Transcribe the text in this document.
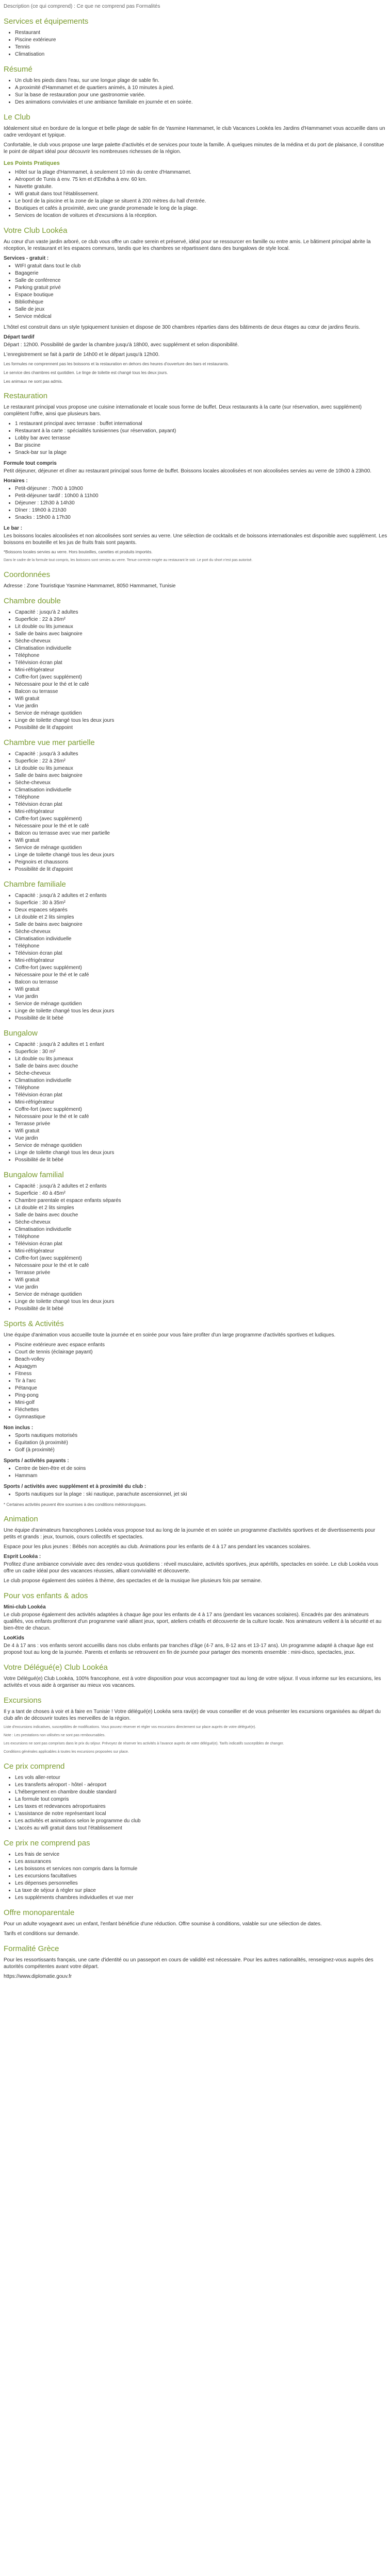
Description (ce qui comprend) : Ce que ne comprend pas Formalités
Services et équipements
• Restaurant
• Piscine extérieure
• Tennis
• Climatisation
Résumé
• Un club les pieds dans l'eau, sur une longue plage de sable fin.
• A proximité d'Hammamet et de quartiers animés, à 10 minutes à pied.
• Sur la base de restauration pour une gastronomie variée.
• Des animations conviviales et une ambiance familiale en journée et en soirée.
Le Club

Idéalement situé en bordure de la longue et belle plage de sable fin de Yasmine Hammamet, le club Vacances Lookéa les Jardins d'Hammamet vous accueille dans un cadre verdoyant et typique.

Confortable, le club vous propose une large palette d'activités et de services pour toute la famille. À quelques minutes de la médina et du port de plaisance, il constitue le point de départ idéal pour découvrir les nombreuses richesses de la région.

Les Points Pratiques
• Hôtel sur la plage d'Hammamet, à seulement 10 min du centre d'Hammamet.
• Aéroport de Tunis à env. 75 km et d'Enfidha à env. 60 km.
• Navette gratuite.
• Wifi gratuit dans tout l'établissement.
• Le bord de la piscine et la zone de la plage se situent à 200 mètres du hall d'entrée.
• Boutiques et cafés à proximité, avec une grande promenade le long de la plage.
• Services de location de voitures et d'excursions à la réception.
Votre Club Lookéa

Au cœur d'un vaste jardin arboré, ce club vous offre un cadre serein et préservé, idéal pour se ressourcer en famille ou entre amis. Le bâtiment principal abrite la réception, le restaurant et les espaces communs, tandis que les chambres se répartissent dans des bungalows de style local.

Services - gratuit :
• WIFI gratuit dans tout le club
• Bagagerie
• Salle de conférence
• Parking gratuit privé
• Espace boutique
• Bibliothèque
• Salle de jeux
• Service médical

L'hôtel est construit dans un style typiquement tunisien et dispose de 300 chambres réparties dans des bâtiments de deux étages au cœur de jardins fleuris.

Départ tardif

Départ : 12h00. Possibilité de garder la chambre jusqu'à 18h00, avec supplément et selon disponibilité.

L'enregistrement se fait à partir de 14h00 et le départ jusqu'à 12h00.

Les formules ne comprennent pas les boissons et la restauration en dehors des heures d'ouverture des bars et restaurants.

Le service des chambres est quotidien. Le linge de toilette est changé tous les deux jours.

Les animaux ne sont pas admis.

Restauration

Le restaurant principal vous propose une cuisine internationale et locale sous forme de buffet. Deux restaurants à la carte (sur réservation, avec supplément) complètent l'offre, ainsi que plusieurs bars.

• 1 restaurant principal avec terrasse : buffet international
• Restaurant à la carte : spécialités tunisiennes (sur réservation, payant)
• Lobby bar avec terrasse
• Bar piscine
• Snack-bar sur la plage
Formule tout compris

Petit déjeuner, déjeuner et dîner au restaurant principal sous forme de buffet. Boissons locales alcoolisées et non alcoolisées servies au verre de 10h00 à 23h00.

Horaires :
• Petit-déjeuner : 7h00 à 10h00
• Petit-déjeuner tardif : 10h00 à 11h00
• Déjeuner : 12h30 à 14h30
• Dîner : 19h00 à 21h30
• Snacks : 15h00 à 17h30
Le bar :

Les boissons locales alcoolisées et non alcoolisées sont servies au verre. Une sélection de cocktails et de boissons internationales est disponible avec supplément. Les boissons en bouteille et les jus de fruits frais sont payants.

*Boissons locales servies au verre. Hors bouteilles, canettes et produits importés.

Dans le cadre de la formule tout compris, les boissons sont servies au verre. Tenue correcte exigée au restaurant le soir. Le port du short n'est pas autorisé.

Coordonnées

Adresse : Zone Touristique Yasmine Hammamet, 8050 Hammamet, Tunisie

Chambre double
• Capacité : jusqu'à 2 adultes
• Superficie : 22 à 26m²
• Lit double ou lits jumeaux
• Salle de bains avec baignoire
• Sèche-cheveux
• Climatisation individuelle
• Téléphone
• Télévision écran plat
• Mini-réfrigérateur
• Coffre-fort (avec supplément)
• Nécessaire pour le thé et le café
• Balcon ou terrasse
• Wifi gratuit
• Vue jardin
• Service de ménage quotidien
• Linge de toilette changé tous les deux jours
• Possibilité de lit d'appoint
Chambre vue mer partielle
• Capacité : jusqu'à 3 adultes
• Superficie : 22 à 26m²
• Lit double ou lits jumeaux
• Salle de bains avec baignoire
• Sèche-cheveux
• Climatisation individuelle
• Téléphone
• Télévision écran plat
• Mini-réfrigérateur
• Coffre-fort (avec supplément)
• Nécessaire pour le thé et le café
• Balcon ou terrasse avec vue mer partielle
• Wifi gratuit
• Service de ménage quotidien
• Linge de toilette changé tous les deux jours
• Peignoirs et chaussons
• Possibilité de lit d'appoint
Chambre familiale
• Capacité : jusqu'à 2 adultes et 2 enfants
• Superficie : 30 à 35m²
• Deux espaces séparés
• Lit double et 2 lits simples
• Salle de bains avec baignoire
• Sèche-cheveux
• Climatisation individuelle
• Téléphone
• Télévision écran plat
• Mini-réfrigérateur
• Coffre-fort (avec supplément)
• Nécessaire pour le thé et le café
• Balcon ou terrasse
• Wifi gratuit
• Vue jardin
• Service de ménage quotidien
• Linge de toilette changé tous les deux jours
• Possibilité de lit bébé
Bungalow
• Capacité : jusqu'à 2 adultes et 1 enfant
• Superficie : 30 m²
• Lit double ou lits jumeaux
• Salle de bains avec douche
• Sèche-cheveux
• Climatisation individuelle
• Téléphone
• Télévision écran plat
• Mini-réfrigérateur
• Coffre-fort (avec supplément)
• Nécessaire pour le thé et le café
• Terrasse privée
• Wifi gratuit
• Vue jardin
• Service de ménage quotidien
• Linge de toilette changé tous les deux jours
• Possibilité de lit bébé
Bungalow familial
• Capacité : jusqu'à 2 adultes et 2 enfants
• Superficie : 40 à 45m²
• Chambre parentale et espace enfants séparés
• Lit double et 2 lits simples
• Salle de bains avec douche
• Sèche-cheveux
• Climatisation individuelle
• Téléphone
• Télévision écran plat
• Mini-réfrigérateur
• Coffre-fort (avec supplément)
• Nécessaire pour le thé et le café
• Terrasse privée
• Wifi gratuit
• Vue jardin
• Service de ménage quotidien
• Linge de toilette changé tous les deux jours
• Possibilité de lit bébé
Sports & Activités

Une équipe d'animation vous accueille toute la journée et en soirée pour vous faire profiter d'un large programme d'activités sportives et ludiques.

• Piscine extérieure avec espace enfants
• Court de tennis (éclairage payant)
• Beach-volley
• Aquagym
• Fitness
• Tir à l'arc
• Pétanque
• Ping-pong
• Mini-golf
• Fléchettes
• Gymnastique
Non inclus :
• Sports nautiques motorisés
• Équitation (à proximité)
• Golf (à proximité)
Sports / activités payants :
• Centre de bien-être et de soins
• Hammam
Sports / activités avec supplément et à proximité du club :
• Sports nautiques sur la plage : ski nautique, parachute ascensionnel, jet ski

* Certaines activités peuvent être soumises à des conditions météorologiques.

Animation

Une équipe d'animateurs francophones Lookéa vous propose tout au long de la journée et en soirée un programme d'activités sportives et de divertissements pour petits et grands : jeux, tournois, cours collectifs et spectacles.

Espace pour les plus jeunes : Bébés non acceptés au club. Animations pour les enfants de 4 à 17 ans pendant les vacances scolaires.

Esprit Lookéa :

Profitez d'une ambiance conviviale avec des rendez-vous quotidiens : réveil musculaire, activités sportives, jeux apéritifs, spectacles en soirée. Le club Lookéa vous offre un cadre idéal pour des vacances réussies, alliant convivialité et découverte.

Le club propose également des soirées à thème, des spectacles et de la musique live plusieurs fois par semaine.

Pour vos enfants & ados
Mini-club Lookéa

Le club propose également des activités adaptées à chaque âge pour les enfants de 4 à 17 ans (pendant les vacances scolaires). Encadrés par des animateurs qualifiés, vos enfants profiteront d'un programme varié alliant jeux, sport, ateliers créatifs et découverte de la culture locale. Nos animateurs veillent à la sécurité et au bien-être de chacun.

LooKids

De 4 à 17 ans : vos enfants seront accueillis dans nos clubs enfants par tranches d'âge (4-7 ans, 8-12 ans et 13-17 ans). Un programme adapté à chaque âge est proposé tout au long de la journée. Parents et enfants se retrouvent en fin de journée pour partager des moments ensemble : mini-disco, spectacles, jeux.

Votre Délégué(e) Club Lookéa

Votre Délégué(e) Club Lookéa, 100% francophone, est à votre disposition pour vous accompagner tout au long de votre séjour. Il vous informe sur les excursions, les activités et vous aide à organiser au mieux vos vacances.

Excursions

Il y a tant de choses à voir et à faire en Tunisie ! Votre délégué(e) Lookéa sera ravi(e) de vous conseiller et de vous présenter les excursions organisées au départ du club afin de découvrir toutes les merveilles de la région.

Liste d'excursions indicatives, susceptibles de modifications. Vous pouvez réserver et régler vos excursions directement sur place auprès de votre délégué(e).

Note : Les prestations non utilisées ne sont pas remboursables.

Les excursions ne sont pas comprises dans le prix du séjour. Prévoyez de réserver les activités à l'avance auprès de votre délégué(e). Tarifs indicatifs susceptibles de changer.

Conditions générales applicables à toutes les excursions proposées sur place.

Ce prix comprend
• Les vols aller-retour
• Les transferts aéroport - hôtel - aéroport
• L'hébergement en chambre double standard
• La formule tout compris
• Les taxes et redevances aéroportuaires
• L'assistance de notre représentant local
• Les activités et animations selon le programme du club
• L'accès au wifi gratuit dans tout l'établissement
Ce prix ne comprend pas
• Les frais de service
• Les assurances
• Les boissons et services non compris dans la formule
• Les excursions facultatives
• Les dépenses personnelles
• La taxe de séjour à régler sur place
• Les suppléments chambres individuelles et vue mer
Offre monoparentale

Pour un adulte voyageant avec un enfant, l'enfant bénéficie d'une réduction. Offre soumise à conditions, valable sur une sélection de dates.

Tarifs et conditions sur demande.

Formalité Grèce

Pour les ressortissants français, une carte d'identité ou un passeport en cours de validité est nécessaire. Pour les autres nationalités, renseignez-vous auprès des autorités compétentes avant votre départ.

https://www.diplomatie.gouv.fr
